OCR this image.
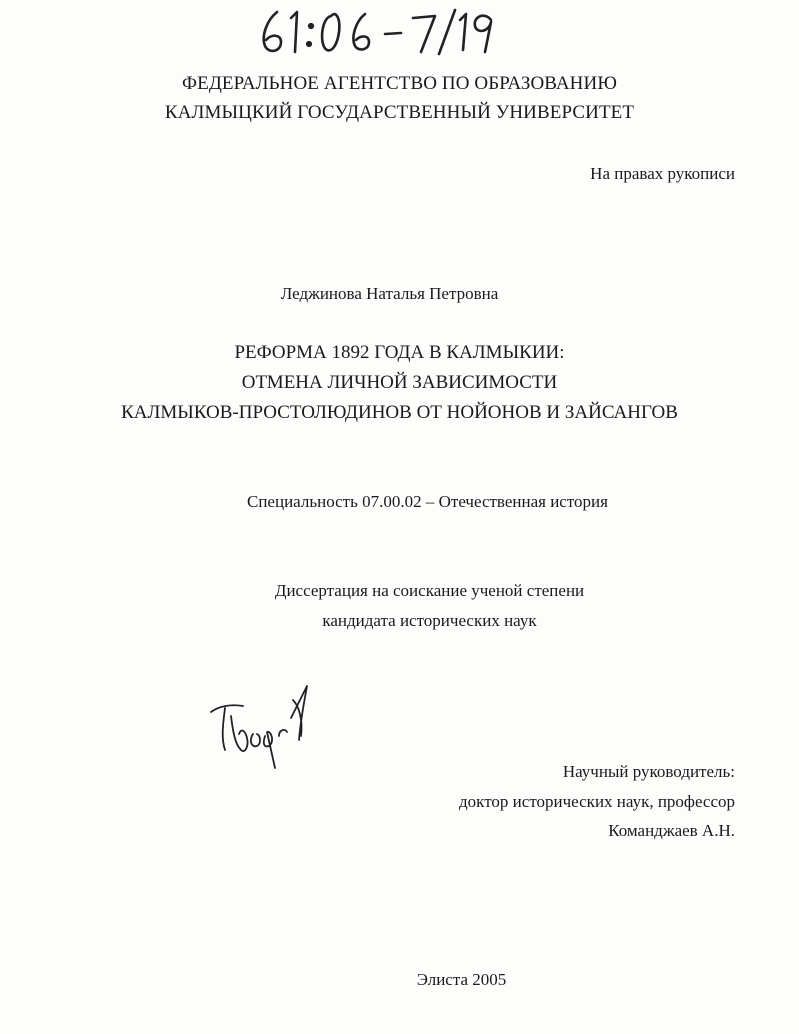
ФЕДЕРАЛЬНОЕ АГЕНТСТВО ПО ОБРАЗОВАНИЮ
КАЛМЫЦКИЙ ГОСУДАРСТВЕННЫЙ УНИВЕРСИТЕТ
На правах рукописи
Леджинова Наталья Петровна
РЕФОРМА 1892 ГОДА В КАЛМЫКИИ:
ОТМЕНА ЛИЧНОЙ ЗАВИСИМОСТИ
КАЛМЫКОВ-ПРОСТОЛЮДИНОВ ОТ НОЙОНОВ И ЗАЙСАНГОВ
Специальность 07.00.02 – Отечественная история
Диссертация на соискание ученой степени
кандидата исторических наук
Научный руководитель:
доктор исторических наук, профессор
Команджаев А.Н.
Элиста 2005
